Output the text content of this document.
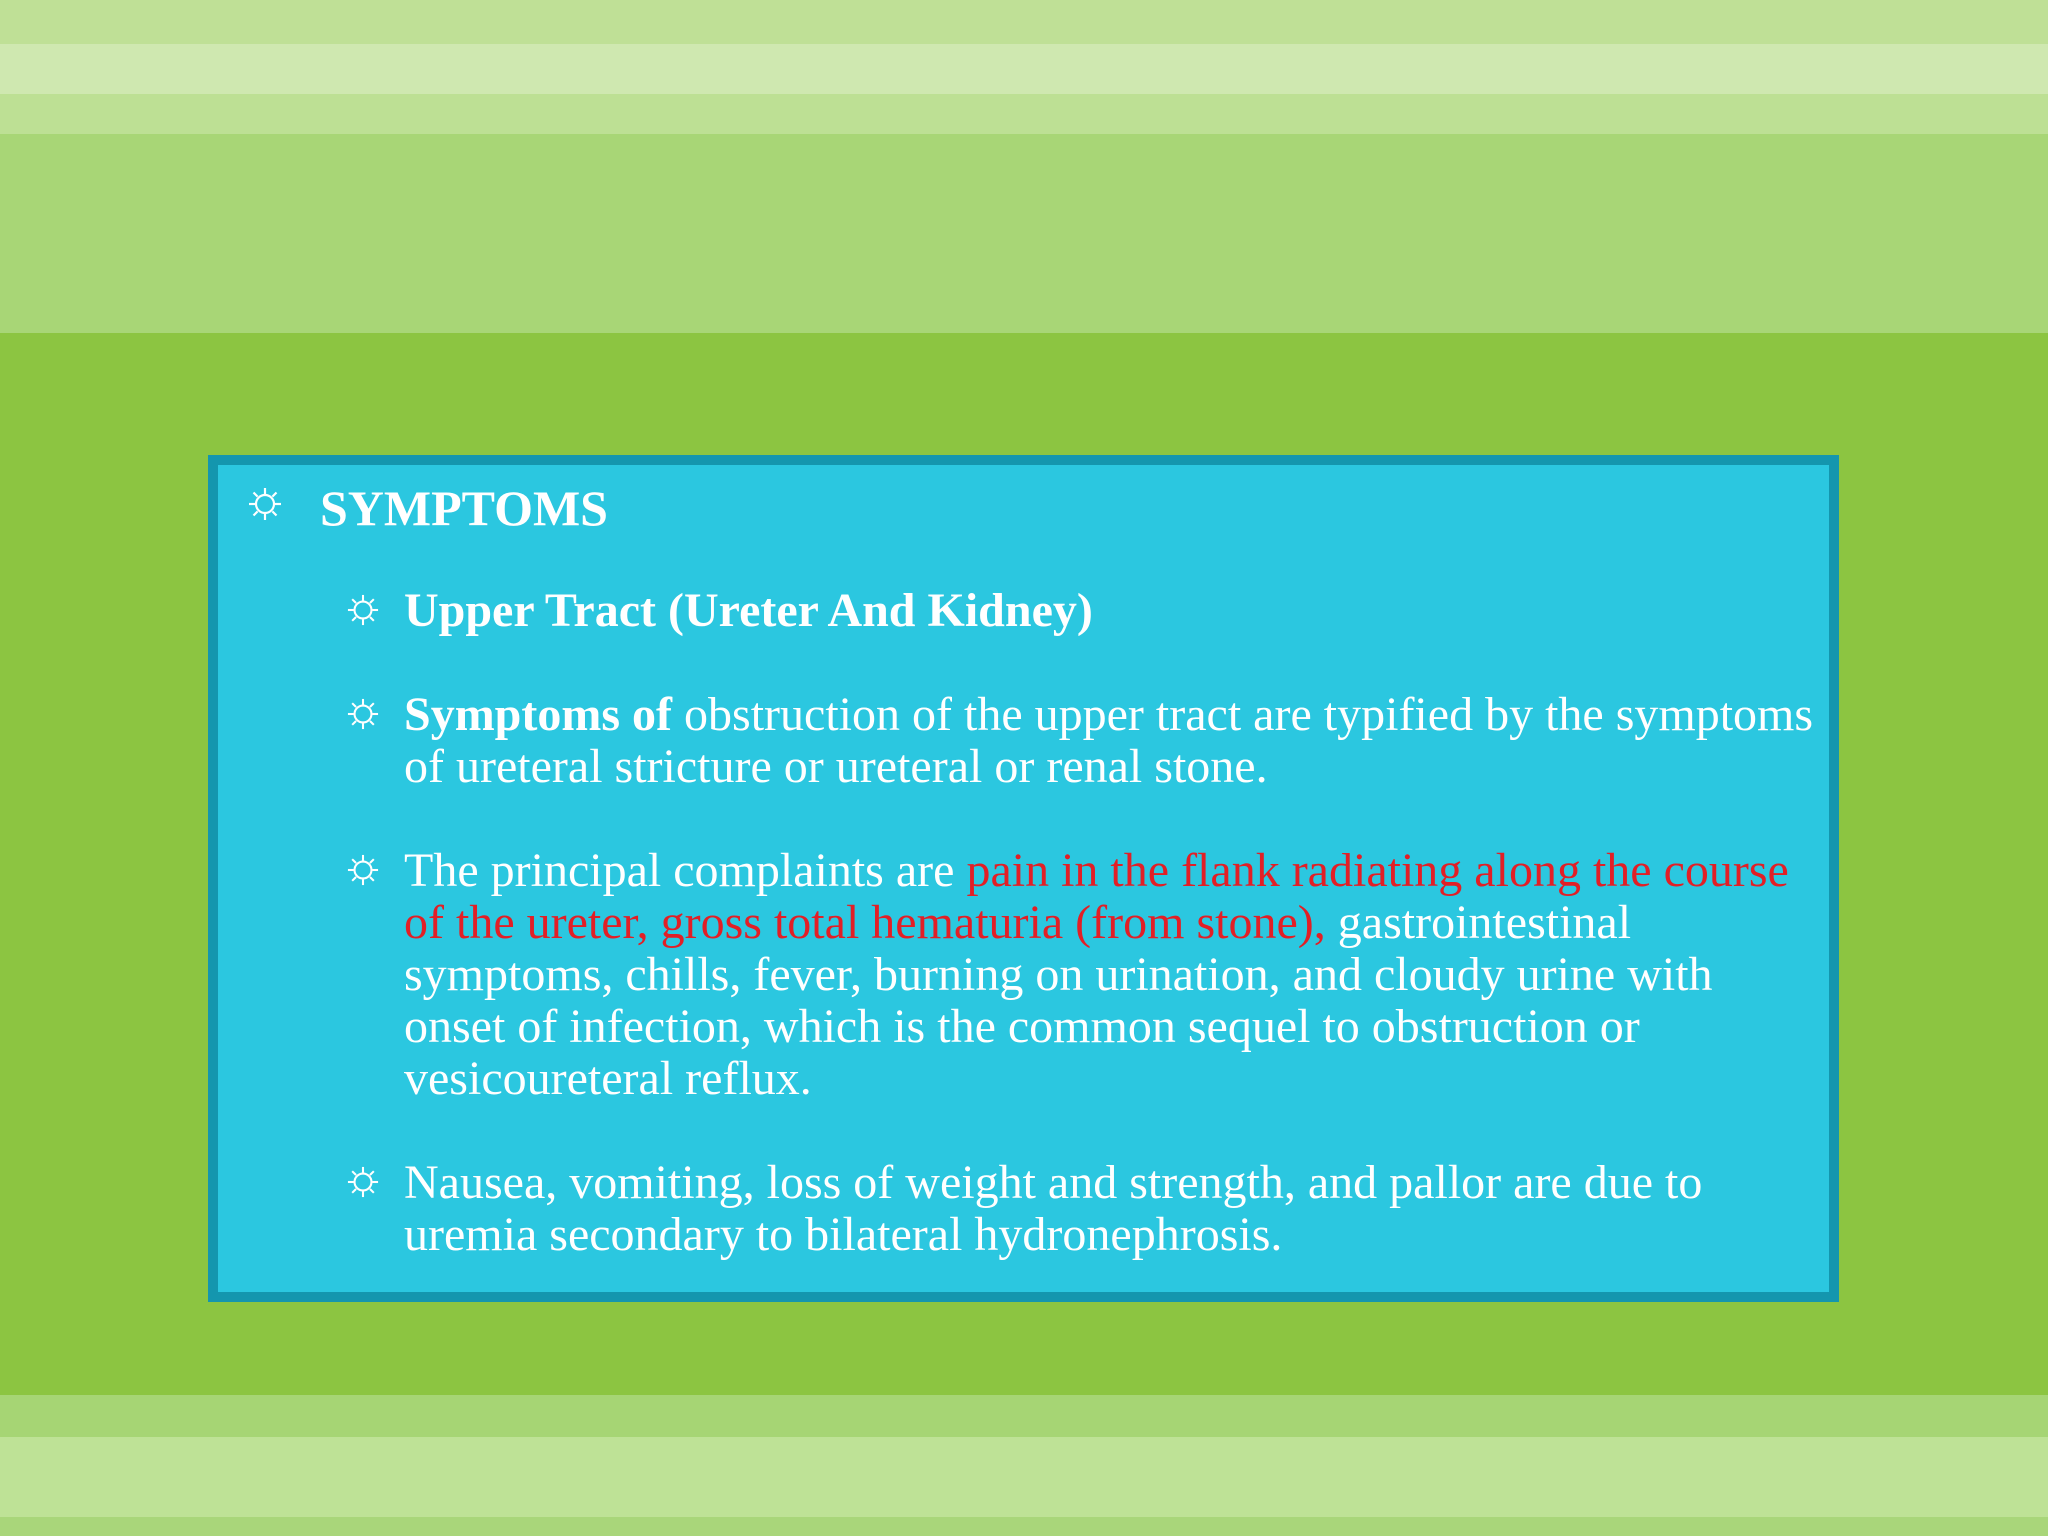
SYMPTOMS
Upper Tract (Ureter And Kidney)
Symptoms of obstruction of the upper tract are typified by the symptoms of ureteral stricture or ureteral or renal stone.
The principal complaints are pain in the flank radiating along the course of the ureter, gross total hematuria (from stone), gastrointestinal symptoms, chills, fever, burning on urination, and cloudy urine with onset of infection, which is the common sequel to obstruction or vesicoureteral reflux.
Nausea, vomiting, loss of weight and strength, and pallor are due to uremia secondary to bilateral hydronephrosis.
